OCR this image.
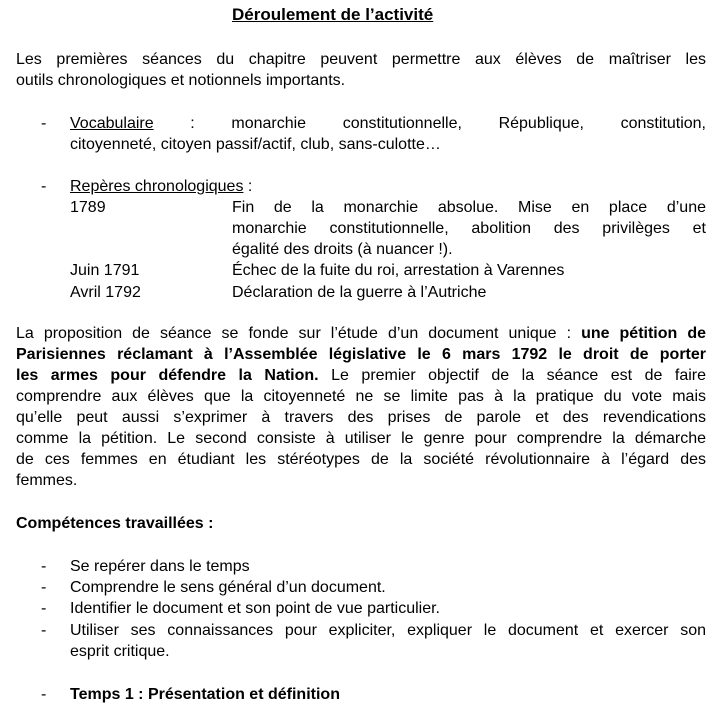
Déroulement de l’activité
Les premières séances du chapitre peuvent permettre aux élèves de maîtriser les
outils chronologiques et notionnels importants.
- Vocabulaire : monarchie constitutionnelle, République, constitution,
citoyenneté, citoyen passif/actif, club, sans-culotte…
- Repères chronologiques :
1789	Fin de la monarchie absolue. Mise en place d’une
monarchie constitutionnelle, abolition des privilèges et
égalité des droits (à nuancer !).
Juin 1791	Échec de la fuite du roi, arrestation à Varennes
Avril 1792	Déclaration de la guerre à l’Autriche
La proposition de séance se fonde sur l’étude d’un document unique : une pétition de
Parisiennes réclamant à l’Assemblée législative le 6 mars 1792 le droit de porter
les armes pour défendre la Nation. Le premier objectif de la séance est de faire
comprendre aux élèves que la citoyenneté ne se limite pas à la pratique du vote mais
qu’elle peut aussi s’exprimer à travers des prises de parole et des revendications
comme la pétition. Le second consiste à utiliser le genre pour comprendre la démarche
de ces femmes en étudiant les stéréotypes de la société révolutionnaire à l’égard des
femmes.
Compétences travaillées :
- Se repérer dans le temps
- Comprendre le sens général d’un document.
- Identifier le document et son point de vue particulier.
- Utiliser ses connaissances pour expliciter, expliquer le document et exercer son
esprit critique.
- Temps 1 : Présentation et définition
